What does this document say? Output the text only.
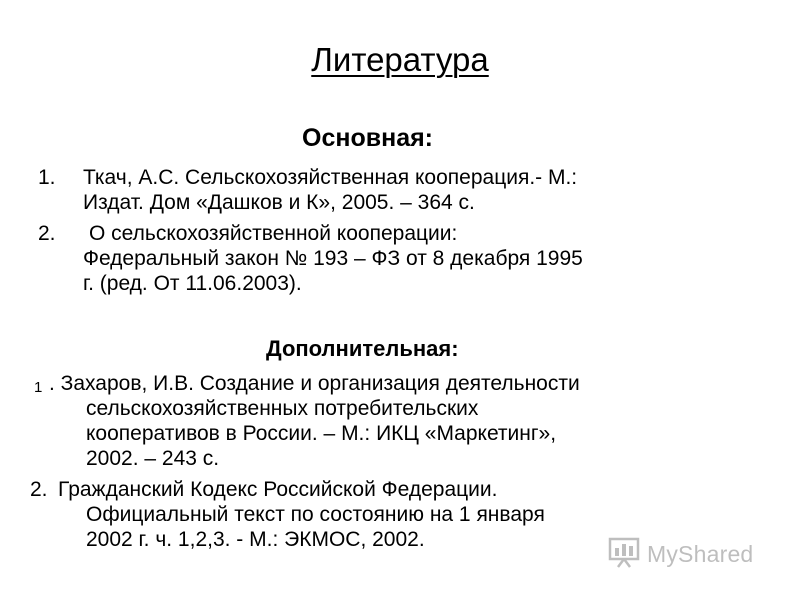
Литература
Основная:
1. Ткач, А.С. Сельскохозяйственная кооперация.- М.:
Издат. Дом «Дашков и К», 2005. – 364 с.
2. О сельскохозяйственной кооперации:
Федеральный закон № 193 – ФЗ от 8 декабря 1995
г. (ред. От 11.06.2003).
Дополнительная:
1 . Захаров, И.В. Создание и организация деятельности
сельскохозяйственных потребительских
кооперативов в России. – М.: ИКЦ «Маркетинг»,
2002. – 243 с.
2. Гражданский Кодекс Российской Федерации.
Официальный текст по состоянию на 1 января
2002 г. ч. 1,2,3. - М.: ЭКМОС, 2002.
MyShared
